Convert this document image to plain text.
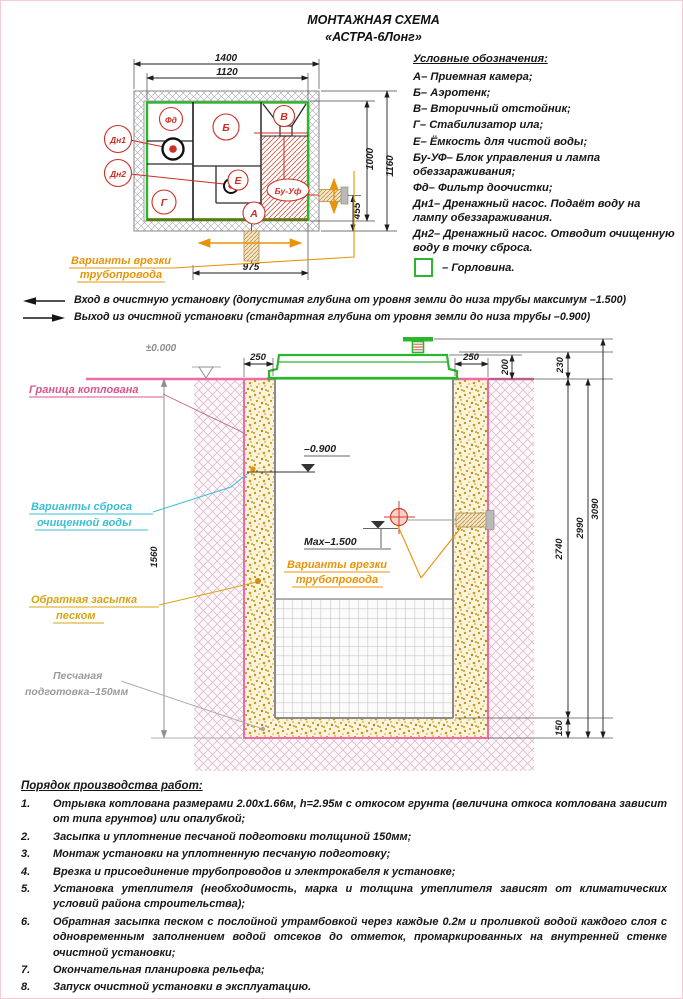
МОНТАЖНАЯ СХЕМА
«АСТРА-6Лонг»
Условные обозначения:
А– Приемная камера;
Б– Аэротенк;
В– Вторичный отстойник;
Г– Стабилизатор ила;
Е– Ёмкость для чистой воды;
Бу-УФ– Блок управления и лампа обеззараживания;
Фд– Фильтр доочистки;
Дн1– Дренажный насос. Подаёт воду на лампу обеззараживания.
Дн2– Дренажный насос. Отводит очищенную воду в точку сброса.
– Горловина.
Фд
Б
В
Г
Е
А
Бу-Уф
Дн1
Дн2
1400
1120
1000 1160
455
975
Варианты врезки
трубопровода
Вход в очистную установку (допустимая глубина от уровня земли до низа трубы максимум –1.500)
Выход из очистной установки (стандартная глубина от уровня земли до низа трубы –0.900)
250	250
200	230
2740
2990
3090
150
1560
±0.000
–0.900
Max–1.500
Варианты врезки
трубопровода
Граница котлована
Варианты сброса
очищенной воды
Обратная засыпка
песком
Песчаная
подготовка–150мм
Порядок производства работ:
1.	Отрывка котлована размерами 2.00х1.66м, h=2.95м с откосом грунта (величина откоса котлована зависит от типа грунтов) или опалубкой;
2.	Засыпка и уплотнение песчаной подготовки толщиной 150мм;
3.	Монтаж установки на уплотненную песчаную подготовку;
4.	Врезка и присоединение трубопроводов и электрокабеля к установке;
5.	Установка утеплителя (необходимость, марка и толщина утеплителя зависят от климатических условий района строительства);
6.	Обратная засыпка песком с послойной утрамбовкой через каждые 0.2м и проливкой водой каждого слоя с одновременным заполнением водой отсеков до отметок, промаркированных на внутренней стенке очистной установки;
7.	Окончательная планировка рельефа;
8.	Запуск очистной установки в эксплуатацию.
